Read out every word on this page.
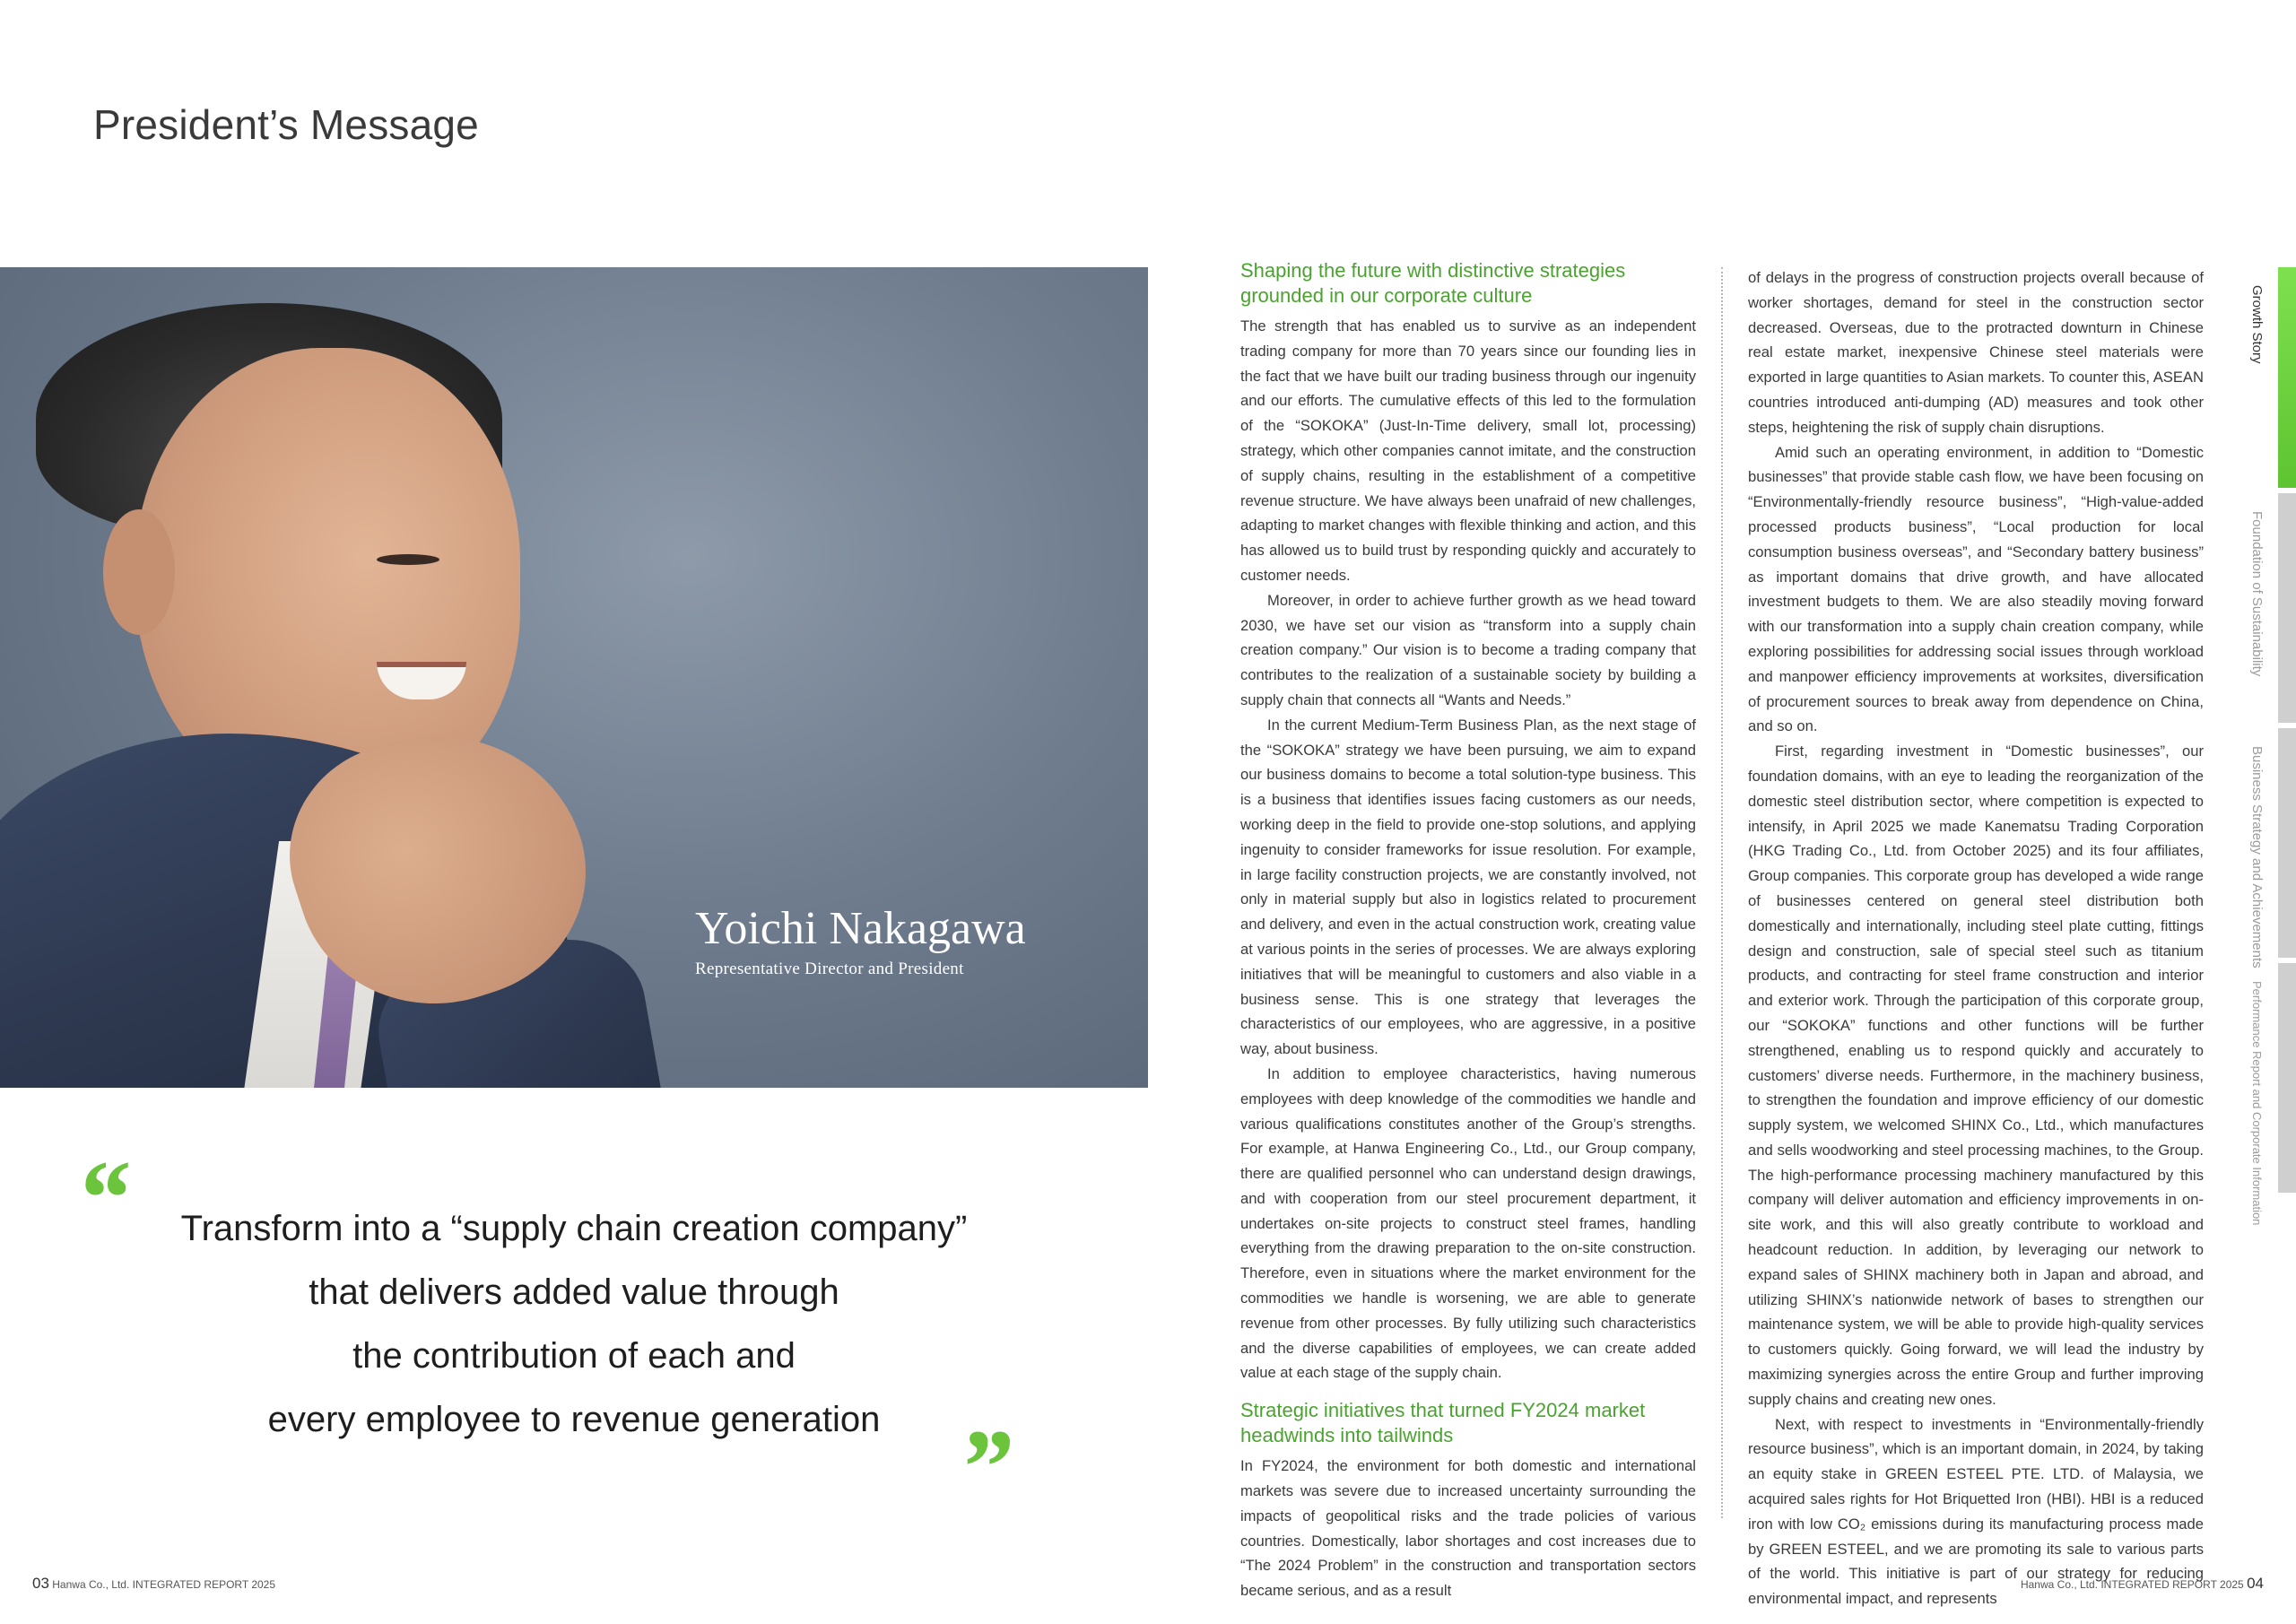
President’s Message
Yoichi Nakagawa
Representative Director and President
“	Transform into a “supply chain creation company”
that delivers added value through
the contribution of each and
every employee to revenue generation ”
Shaping the future with distinctive strategies grounded in our corporate culture

The strength that has enabled us to survive as an independent trading company for more than 70 years since our founding lies in the fact that we have built our trading business through our ingenuity and our efforts. The cumulative effects of this led to the formulation of the “SOKOKA” (Just-In-Time delivery, small lot, processing) strategy, which other companies cannot imitate, and the construction of supply chains, resulting in the establishment of a competitive revenue structure. We have always been unafraid of new challenges, adapting to market changes with flexible thinking and action, and this has allowed us to build trust by responding quickly and accurately to customer needs.

Moreover, in order to achieve further growth as we head toward 2030, we have set our vision as “transform into a supply chain creation company.” Our vision is to become a trading company that contributes to the realization of a sustainable society by building a supply chain that connects all “Wants and Needs.”

In the current Medium-Term Business Plan, as the next stage of the “SOKOKA” strategy we have been pursuing, we aim to expand our business domains to become a total solution-type business. This is a business that identifies issues facing customers as our needs, working deep in the field to provide one-stop solutions, and applying ingenuity to consider frameworks for issue resolution. For example, in large facility construction projects, we are constantly involved, not only in material supply but also in logistics related to procurement and delivery, and even in the actual construction work, creating value at various points in the series of processes. We are always exploring initiatives that will be meaningful to customers and also viable in a business sense. This is one strategy that leverages the characteristics of our employees, who are aggressive, in a positive way, about business.

In addition to employee characteristics, having numerous employees with deep knowledge of the commodities we handle and various qualifications constitutes another of the Group’s strengths. For example, at Hanwa Engineering Co., Ltd., our Group company, there are qualified personnel who can understand design drawings, and with cooperation from our steel procurement department, it undertakes on-site projects to construct steel frames, handling everything from the drawing preparation to the on-site construction. Therefore, even in situations where the market environment for the commodities we handle is worsening, we are able to generate revenue from other processes. By fully utilizing such characteristics and the diverse capabilities of employees, we can create added value at each stage of the supply chain.

Strategic initiatives that turned FY2024 market headwinds into tailwinds

In FY2024, the environment for both domestic and international markets was severe due to increased uncertainty surrounding the impacts of geopolitical risks and the trade policies of various countries. Domestically, labor shortages and cost increases due to “The 2024 Problem” in the construction and transportation sectors became serious, and as a result

of delays in the progress of construction projects overall because of worker shortages, demand for steel in the construction sector decreased. Overseas, due to the protracted downturn in Chinese real estate market, inexpensive Chinese steel materials were exported in large quantities to Asian markets. To counter this, ASEAN countries introduced anti-dumping (AD) measures and took other steps, heightening the risk of supply chain disruptions.

Amid such an operating environment, in addition to “Domestic businesses” that provide stable cash flow, we have been focusing on “Environmentally-friendly resource business”, “High-value-added processed products business”, “Local production for local consumption business overseas”, and “Secondary battery business” as important domains that drive growth, and have allocated investment budgets to them. We are also steadily moving forward with our transformation into a supply chain creation company, while exploring possibilities for addressing social issues through workload and manpower efficiency improvements at worksites, diversification of procurement sources to break away from dependence on China, and so on.

First, regarding investment in “Domestic businesses”, our foundation domains, with an eye to leading the reorganization of the domestic steel distribution sector, where competition is expected to intensify, in April 2025 we made Kanematsu Trading Corporation (HKG Trading Co., Ltd. from October 2025) and its four affiliates, Group companies. This corporate group has developed a wide range of businesses centered on general steel distribution both domestically and internationally, including steel plate cutting, fittings design and construction, sale of special steel such as titanium products, and contracting for steel frame construction and interior and exterior work. Through the participation of this corporate group, our “SOKOKA” functions and other functions will be further strengthened, enabling us to respond quickly and accurately to customers’ diverse needs. Furthermore, in the machinery business, to strengthen the foundation and improve efficiency of our domestic supply system, we welcomed SHINX Co., Ltd., which manufactures and sells woodworking and steel processing machines, to the Group. The high-performance processing machinery manufactured by this company will deliver automation and efficiency improvements in on-site work, and this will also greatly contribute to workload and headcount reduction. In addition, by leveraging our network to expand sales of SHINX machinery both in Japan and abroad, and utilizing SHINX’s nationwide network of bases to strengthen our maintenance system, we will be able to provide high-quality services to customers quickly. Going forward, we will lead the industry by maximizing synergies across the entire Group and further improving supply chains and creating new ones.

Next, with respect to investments in “Environmentally-friendly resource business”, which is an important domain, in 2024, by taking an equity stake in GREEN ESTEEL PTE. LTD. of Malaysia, we acquired sales rights for Hot Briquetted Iron (HBI). HBI is a reduced iron with low CO₂ emissions during its manufacturing process made by GREEN ESTEEL, and we are promoting its sale to various parts of the world. This initiative is part of our strategy for reducing environmental impact, and represents

Growth Story
Foundation of Sustainability
Business Strategy and Achievements
Performance Report and Corporate Information
03 Hanwa Co., Ltd. INTEGRATED REPORT 2025	Hanwa Co., Ltd. INTEGRATED REPORT 2025 04
